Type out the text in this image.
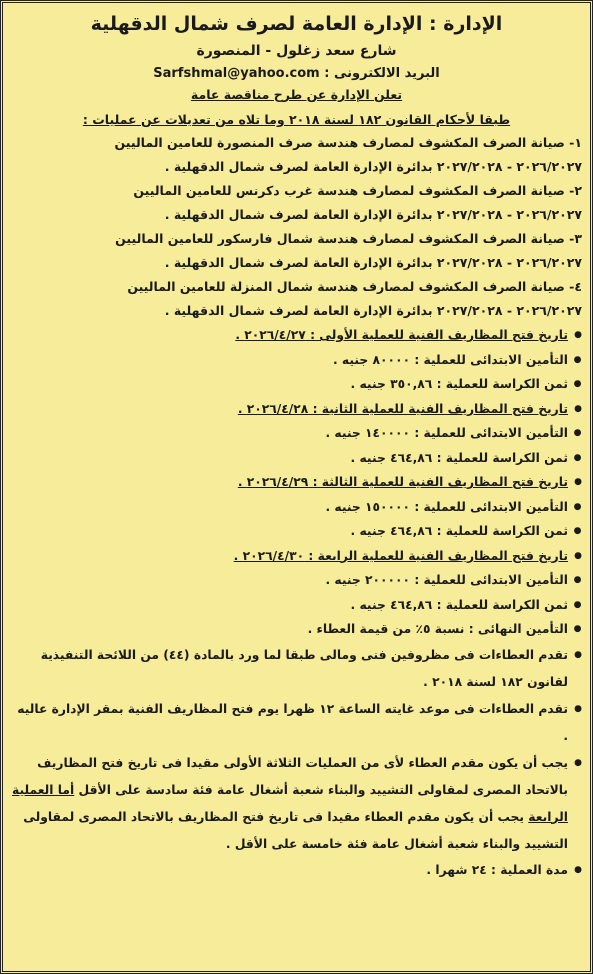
الإدارة : الإدارة العامة لصرف شمال الدقهلية
شارع سعد زغلول - المنصورة
البريد الالكترونى : Sarfshmal@yahoo.com
تعلن الإدارة عن طرح مناقصة عامة
طبقا لأحكام القانون ١٨٢ لسنة ٢٠١٨ وما تلاه من تعديلات عن عمليات :
١- صيانة الصرف المكشوف لمصارف هندسة صرف المنصورة للعامين الماليين
٢٠٢٦/٢٠٢٧ - ٢٠٢٧/٢٠٢٨ بدائرة الإدارة العامة لصرف شمال الدقهلية .
٢- صيانة الصرف المكشوف لمصارف هندسة غرب دكرنس للعامين الماليين
٢٠٢٦/٢٠٢٧ - ٢٠٢٧/٢٠٢٨ بدائرة الإدارة العامة لصرف شمال الدقهلية .
٣- صيانة الصرف المكشوف لمصارف هندسة شمال فارسكور للعامين الماليين
٢٠٢٦/٢٠٢٧ - ٢٠٢٧/٢٠٢٨ بدائرة الإدارة العامة لصرف شمال الدقهلية .
٤- صيانة الصرف المكشوف لمصارف هندسة شمال المنزلة للعامين الماليين
٢٠٢٦/٢٠٢٧ - ٢٠٢٧/٢٠٢٨ بدائرة الإدارة العامة لصرف شمال الدقهلية .
● تاريخ فتح المظاريف الفنية للعملية الأولى : ٢٠٢٦/٤/٢٧ .
● التأمين الابتدائى للعملية : ٨٠٠٠٠ جنيه .
● ثمن الكراسة للعملية : ٣٥٠,٨٦ جنيه .
● تاريخ فتح المظاريف الفنية للعملية الثانية : ٢٠٢٦/٤/٢٨ .
● التأمين الابتدائى للعملية : ١٤٠٠٠٠ جنيه .
● ثمن الكراسة للعملية : ٤٦٤,٨٦ جنيه .
● تاريخ فتح المظاريف الفنية للعملية الثالثة : ٢٠٢٦/٤/٢٩ .
● التأمين الابتدائى للعملية : ١٥٠٠٠٠ جنيه .
● ثمن الكراسة للعملية : ٤٦٤,٨٦ جنيه .
● تاريخ فتح المظاريف الفنية للعملية الرابعة : ٢٠٢٦/٤/٣٠ .
● التأمين الابتدائى للعملية : ٢٠٠٠٠٠ جنيه .
● ثمن الكراسة للعملية : ٤٦٤,٨٦ جنيه .
● التأمين النهائى : نسبة ٥٪ من قيمة العطاء .
● تقدم العطاءات فى مظروفين فنى ومالى طبقا لما ورد بالمادة (٤٤) من اللائحة التنفيذية لقانون ١٨٢ لسنة ٢٠١٨ .
● تقدم العطاءات فى موعد غايته الساعة ١٢ ظهرا يوم فتح المظاريف الفنية بمقر الإدارة عاليه .
● يجب أن يكون مقدم العطاء لأى من العمليات الثلاثة الأولى مقيدا فى تاريخ فتح المظاريف بالاتحاد المصرى لمقاولى التشييد والبناء شعبة أشغال عامة فئة سادسة على الأقل أما العملية الرابعة يجب أن يكون مقدم العطاء مقيدا فى تاريخ فتح المظاريف بالاتحاد المصرى لمقاولى التشييد والبناء شعبة أشغال عامة فئة خامسة على الأقل .
● مدة العملية : ٢٤ شهرا .
